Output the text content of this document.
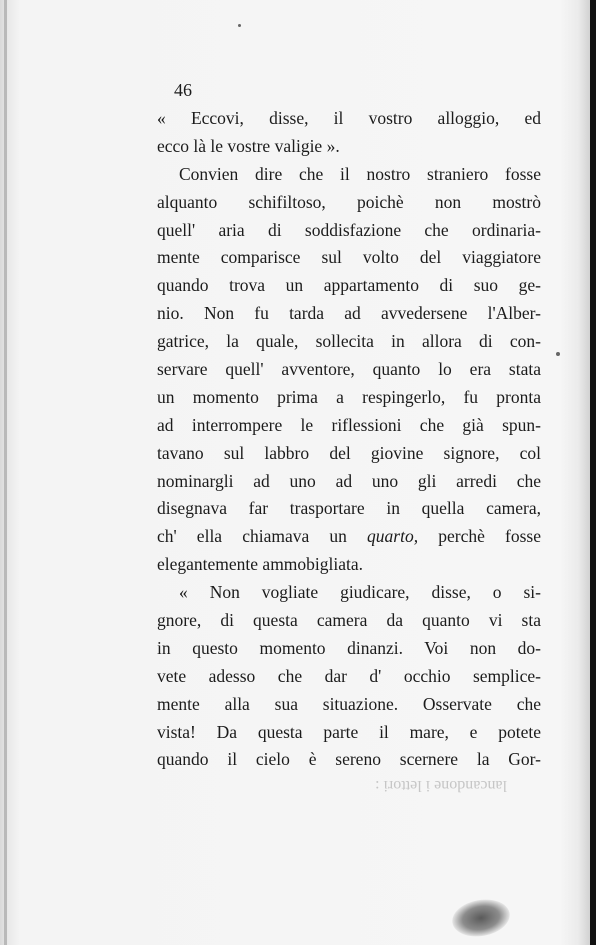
46
« Eccovi, disse, il vostro alloggio, ed
ecco là le vostre valigie ».
Convien dire che il nostro straniero fosse
alquanto schifiltoso, poichè non mostrò
quell' aria di soddisfazione che ordinaria-
mente comparisce sul volto del viaggiatore
quando trova un appartamento di suo ge-
nio. Non fu tarda ad avvedersene l'Alber-
gatrice, la quale, sollecita in allora di con-
servare quell' avventore, quanto lo era stata
un momento prima a respingerlo, fu pronta
ad interrompere le riflessioni che già spun-
tavano sul labbro del giovine signore, col
nominargli ad uno ad uno gli arredi che
disegnava far trasportare in quella camera,
ch' ella chiamava un quarto, perchè fosse
elegantemente ammobigliata.
« Non vogliate giudicare, disse, o si-
gnore, di questa camera da quanto vi sta
in questo momento dinanzi. Voi non do-
vete adesso che dar d' occhio semplice-
mente alla sua situazione. Osservate che
vista! Da questa parte il mare, e potete
quando il cielo è sereno scernere la Gor-
lancandone i lettori :
